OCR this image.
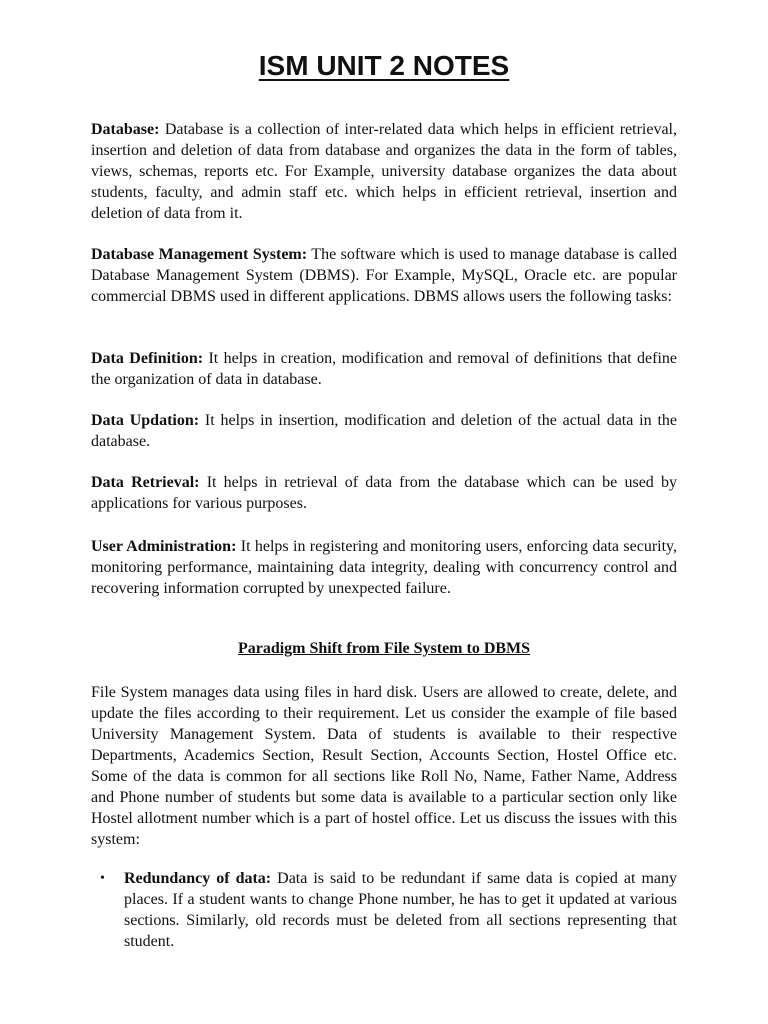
ISM UNIT 2 NOTES

Database: Database is a collection of inter-related data which helps in efficient retrieval, insertion and deletion of data from database and organizes the data in the form of tables, views, schemas, reports etc. For Example, university database organizes the data about students, faculty, and admin staff etc. which helps in efficient retrieval, insertion and deletion of data from it.

Database Management System: The software which is used to manage database is called Database Management System (DBMS). For Example, MySQL, Oracle etc. are popular commercial DBMS used in different applications. DBMS allows users the following tasks:

Data Definition: It helps in creation, modification and removal of definitions that define the organization of data in database.

Data Updation: It helps in insertion, modification and deletion of the actual data in the database.

Data Retrieval: It helps in retrieval of data from the database which can be used by applications for various purposes.

User Administration: It helps in registering and monitoring users, enforcing data security, monitoring performance, maintaining data integrity, dealing with concurrency control and recovering information corrupted by unexpected failure.

Paradigm Shift from File System to DBMS

File System manages data using files in hard disk. Users are allowed to create, delete, and update the files according to their requirement. Let us consider the example of file based University Management System. Data of students is available to their respective Departments, Academics Section, Result Section, Accounts Section, Hostel Office etc. Some of the data is common for all sections like Roll No, Name, Father Name, Address and Phone number of students but some data is available to a particular section only like Hostel allotment number which is a part of hostel office. Let us discuss the issues with this system:

• Redundancy of data: Data is said to be redundant if same data is copied at many places. If a student wants to change Phone number, he has to get it updated at various sections. Similarly, old records must be deleted from all sections representing that student.
